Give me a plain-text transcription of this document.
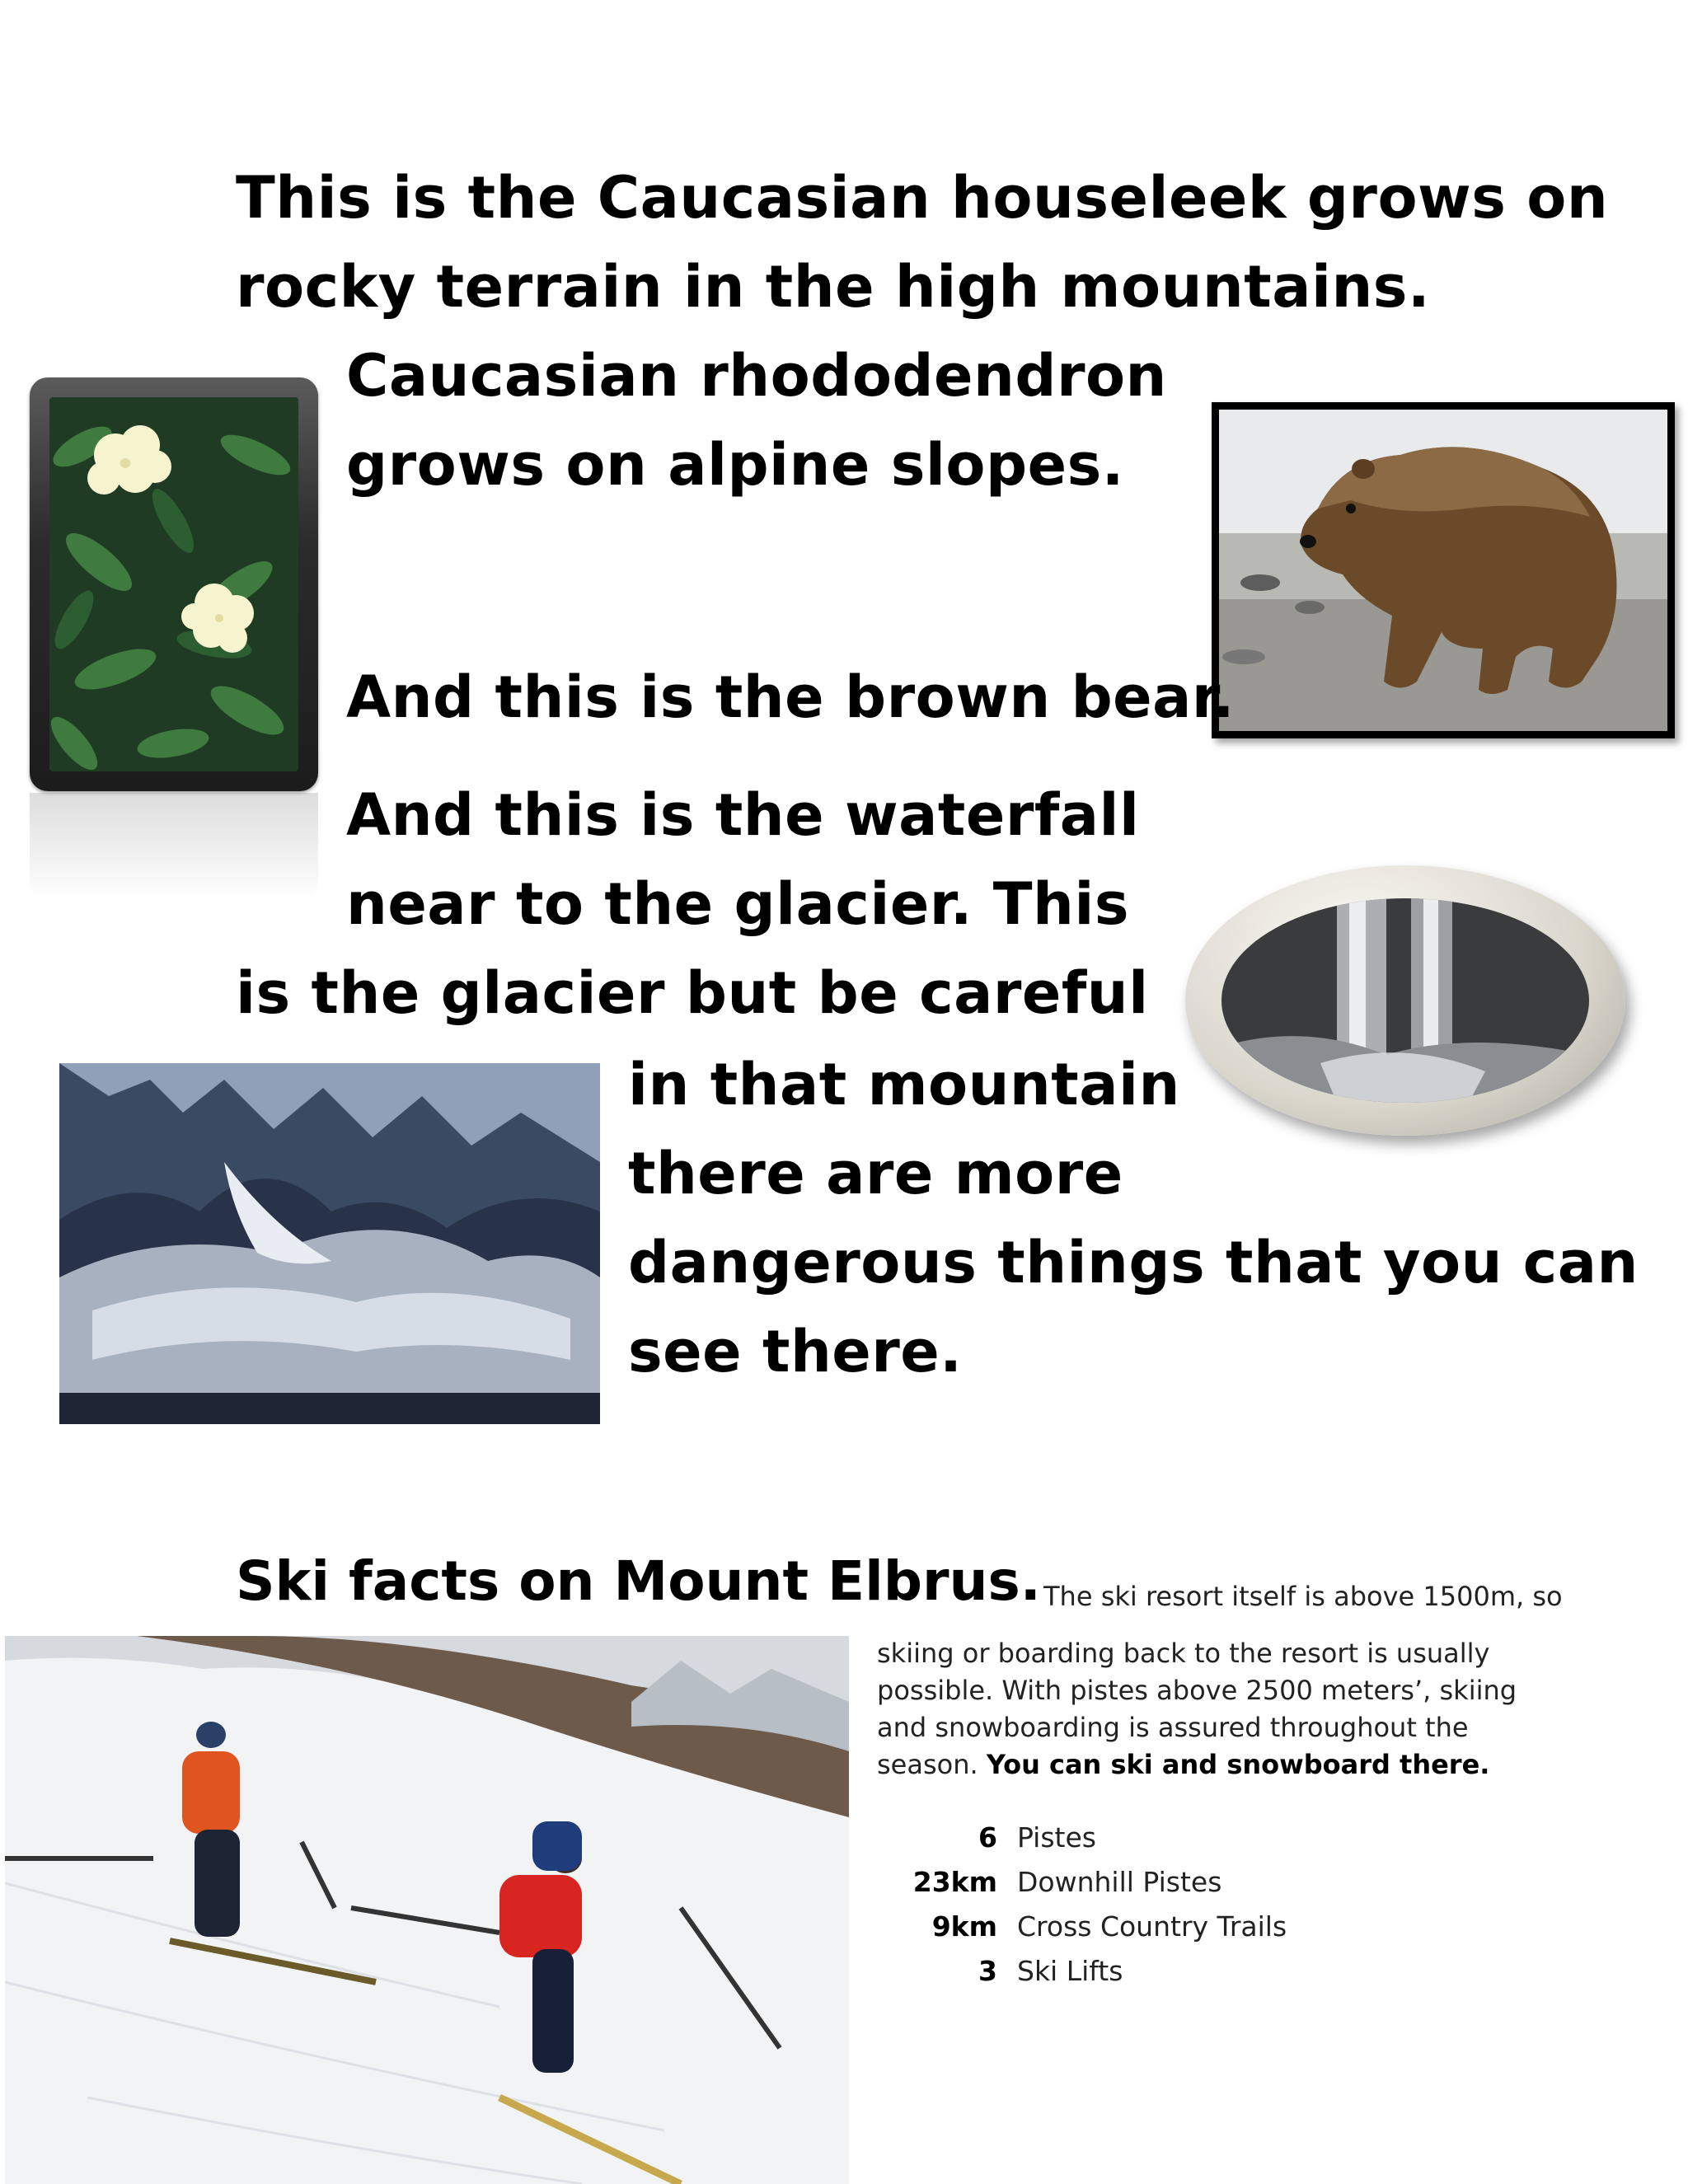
This is the Caucasian houseleek grows on
rocky terrain in the high mountains.
Caucasian rhododendron
grows on alpine slopes.
And this is the brown bear.
And this is the waterfall
near to the glacier. This
is the glacier but be careful
in that mountain
there are more
dangerous things that you can
see there.
Ski facts on Mount Elbrus. The ski resort itself is above 1500m, so
skiing or boarding back to the resort is usually
possible. With pistes above 2500 meters’, skiing
and snowboarding is assured throughout the
season. You can ski and snowboard there.
6 Pistes
23km Downhill Pistes
9km Cross Country Trails
3 Ski Lifts
